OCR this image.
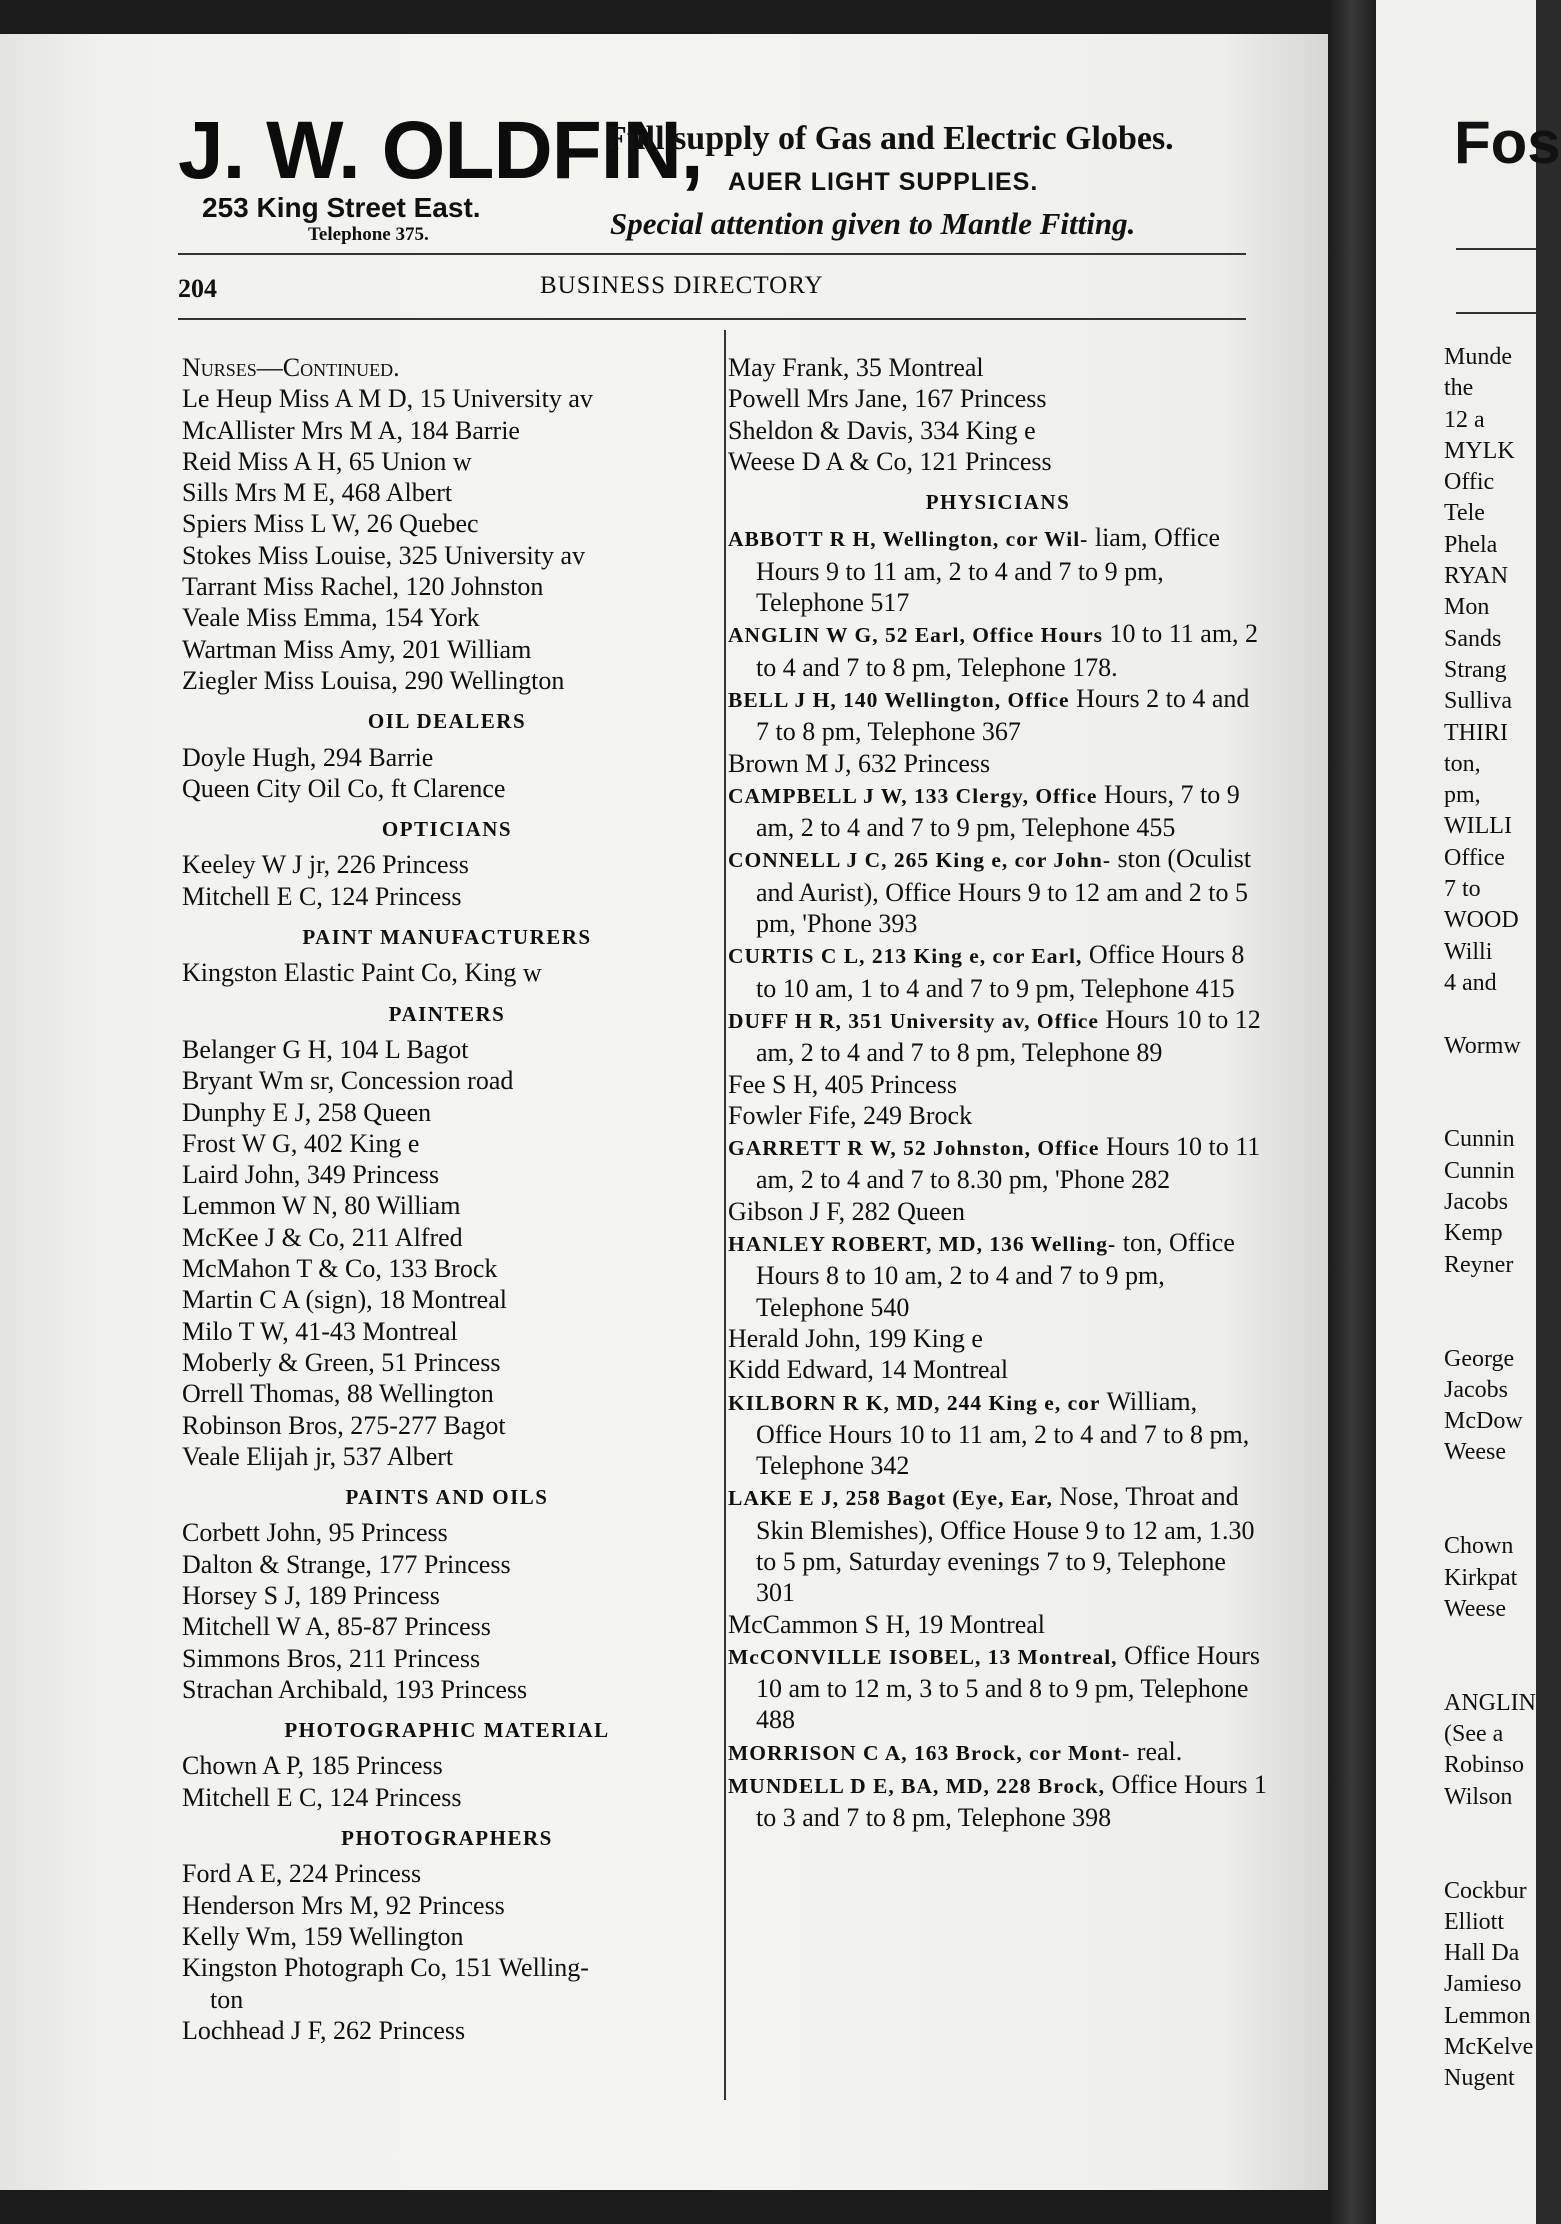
J. W. OLDFIN,
253 King Street East.
Telephone 375.
Full supply of Gas and Electric Globes.
AUER LIGHT SUPPLIES.
Special attention given to Mantle Fitting.
204	BUSINESS DIRECTORY
Nurses—Continued.
Le Heup Miss A M D, 15 University av
McAllister Mrs M A, 184 Barrie
Reid Miss A H, 65 Union w
Sills Mrs M E, 468 Albert
Spiers Miss L W, 26 Quebec
Stokes Miss Louise, 325 University av
Tarrant Miss Rachel, 120 Johnston
Veale Miss Emma, 154 York
Wartman Miss Amy, 201 William
Ziegler Miss Louisa, 290 Wellington
OIL DEALERS
Doyle Hugh, 294 Barrie
Queen City Oil Co, ft Clarence
OPTICIANS
Keeley W J jr, 226 Princess
Mitchell E C, 124 Princess
PAINT MANUFACTURERS
Kingston Elastic Paint Co, King w
PAINTERS
Belanger G H, 104 L Bagot
Bryant Wm sr, Concession road
Dunphy E J, 258 Queen
Frost W G, 402 King e
Laird John, 349 Princess
Lemmon W N, 80 William
McKee J & Co, 211 Alfred
McMahon T & Co, 133 Brock
Martin C A (sign), 18 Montreal
Milo T W, 41-43 Montreal
Moberly & Green, 51 Princess
Orrell Thomas, 88 Wellington
Robinson Bros, 275-277 Bagot
Veale Elijah jr, 537 Albert
PAINTS AND OILS
Corbett John, 95 Princess
Dalton & Strange, 177 Princess
Horsey S J, 189 Princess
Mitchell W A, 85-87 Princess
Simmons Bros, 211 Princess
Strachan Archibald, 193 Princess
PHOTOGRAPHIC MATERIAL
Chown A P, 185 Princess
Mitchell E C, 124 Princess
PHOTOGRAPHERS
Ford A E, 224 Princess
Henderson Mrs M, 92 Princess
Kelly Wm, 159 Wellington
Kingston Photograph Co, 151 Welling-
ton
Lochhead J F, 262 Princess
May Frank, 35 Montreal
Powell Mrs Jane, 167 Princess
Sheldon & Davis, 334 King e
Weese D A & Co, 121 Princess
PHYSICIANS
ABBOTT R H, Wellington, cor Wil- liam, Office Hours 9 to 11 am, 2 to 4 and 7 to 9 pm, Telephone 517
ANGLIN W G, 52 Earl, Office Hours 10 to 11 am, 2 to 4 and 7 to 8 pm, Telephone 178.
BELL J H, 140 Wellington, Office Hours 2 to 4 and 7 to 8 pm, Telephone 367
Brown M J, 632 Princess
CAMPBELL J W, 133 Clergy, Office Hours, 7 to 9 am, 2 to 4 and 7 to 9 pm, Telephone 455
CONNELL J C, 265 King e, cor John- ston (Oculist and Aurist), Office Hours 9 to 12 am and 2 to 5 pm, 'Phone 393
CURTIS C L, 213 King e, cor Earl, Office Hours 8 to 10 am, 1 to 4 and 7 to 9 pm, Telephone 415
DUFF H R, 351 University av, Office Hours 10 to 12 am, 2 to 4 and 7 to 8 pm, Telephone 89
Fee S H, 405 Princess
Fowler Fife, 249 Brock
GARRETT R W, 52 Johnston, Office Hours 10 to 11 am, 2 to 4 and 7 to 8.30 pm, 'Phone 282
Gibson J F, 282 Queen
HANLEY ROBERT, MD, 136 Welling- ton, Office Hours 8 to 10 am, 2 to 4 and 7 to 9 pm, Telephone 540
Herald John, 199 King e
Kidd Edward, 14 Montreal
KILBORN R K, MD, 244 King e, cor William, Office Hours 10 to 11 am, 2 to 4 and 7 to 8 pm, Telephone 342
LAKE E J, 258 Bagot (Eye, Ear, Nose, Throat and Skin Blemishes), Office House 9 to 12 am, 1.30 to 5 pm, Saturday evenings 7 to 9, Telephone 301
McCammon S H, 19 Montreal
McCONVILLE ISOBEL, 13 Montreal, Office Hours 10 am to 12 m, 3 to 5 and 8 to 9 pm, Telephone 488
MORRISON C A, 163 Brock, cor Mont- real.
MUNDELL D E, BA, MD, 228 Brock, Office Hours 1 to 3 and 7 to 8 pm, Telephone 398
Fos
Munde
the
12 a
MYLK
Offic
Tele
Phela
RYAN
Mon
Sands
Strang
Sulliva
THIRI
ton,
pm,
WILLI
Office
7 to
WOOD
Willi
4 and

Wormw

Cunnin
Cunnin
Jacobs
Kemp
Reyner

George
Jacobs
McDow
Weese

Chown
Kirkpat
Weese

ANGLIN
(See a
Robinso
Wilson

Cockbur
Elliott
Hall Da
Jamieso
Lemmon
McKelve
Nugent
